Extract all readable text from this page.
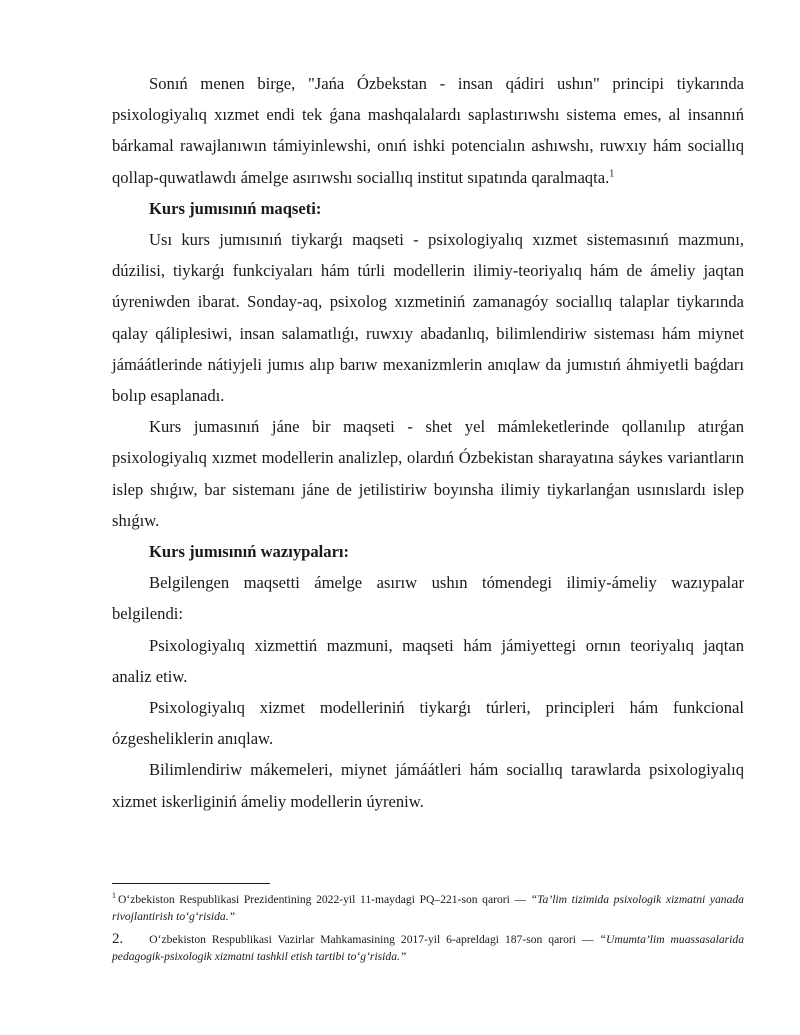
Sonıń menen birge, "Jańa Ózbekstan - insan qádiri ushın" principi tiykarında psixologiyalıq xızmet endi tek ǵana mashqalalardı saplastırıwshı sistema emes, al insannıń bárkamal rawajlanıwın támiyinlewshi, onıń ishki potencialın ashıwshı, ruwxıy hám sociallıq qollap-quwatlawdı ámelge asırıwshı sociallıq institut sıpatında qaralmaqta.$^1$

Kurs jumısınıń maqseti:

Usı kurs jumısınıń tiykarǵı maqseti - psixologiyalıq xızmet sistemasınıń mazmunı, dúzilisi, tiykarǵı funkciyaları hám túrli modellerin ilimiy-teoriyalıq hám de ámeliy jaqtan úyreniwden ibarat. Sonday-aq, psixolog xızmetiniń zamanagóy sociallıq talaplar tiykarında qalay qáliplesiwi, insan salamatlıǵı, ruwxıy abadanlıq, bilimlendiriw sisteması hám miynet jámáátlerinde nátiyjeli jumıs alıp barıw mexanizmlerin anıqlaw da jumıstıń áhmiyetli baǵdarı bolıp esaplanadı.

Kurs jumasınıń jáne bir maqseti - shet yel mámleketlerinde qollanılıp atırǵan psixologiyalıq xızmet modellerin analizlep, olardıń Ózbekistan sharayatına sáykes variantların islep shıǵıw, bar sistemanı jáne de jetilistiriw boyınsha ilimiy tiykarlanǵan usınıslardı islep shıǵıw.

Kurs jumısınıń wazıypaları:

Belgilengen maqsetti ámelge asırıw ushın tómendegi ilimiy-ámeliy wazıypalar belgilendi:

Psixologiyalıq xizmettiń mazmuni, maqseti hám jámiyettegi ornın teoriyalıq jaqtan analiz etiw.

Psixologiyalıq xizmet modelleriniń tiykarǵı túrleri, principleri hám funkcional ózgesheliklerin anıqlaw.

Bilimlendiriw mákemeleri, miynet jámáátleri hám sociallıq tarawlarda psixologiyalıq xizmet iskerliginiń ámeliy modellerin úyreniw.

$^1$ O‘zbekiston Respublikasi Prezidentining 2022-yil 11-maydagi PQ–221-son qarori — “Ta’lim tizimida psixologik xizmatni yanada rivojlantirish to‘g‘risida.”

2. O‘zbekiston Respublikasi Vazirlar Mahkamasining 2017-yil 6-apreldagi 187-son qarori — “Umumta’lim muassasalarida pedagogik-psixologik xizmatni tashkil etish tartibi to‘g‘risida.”
